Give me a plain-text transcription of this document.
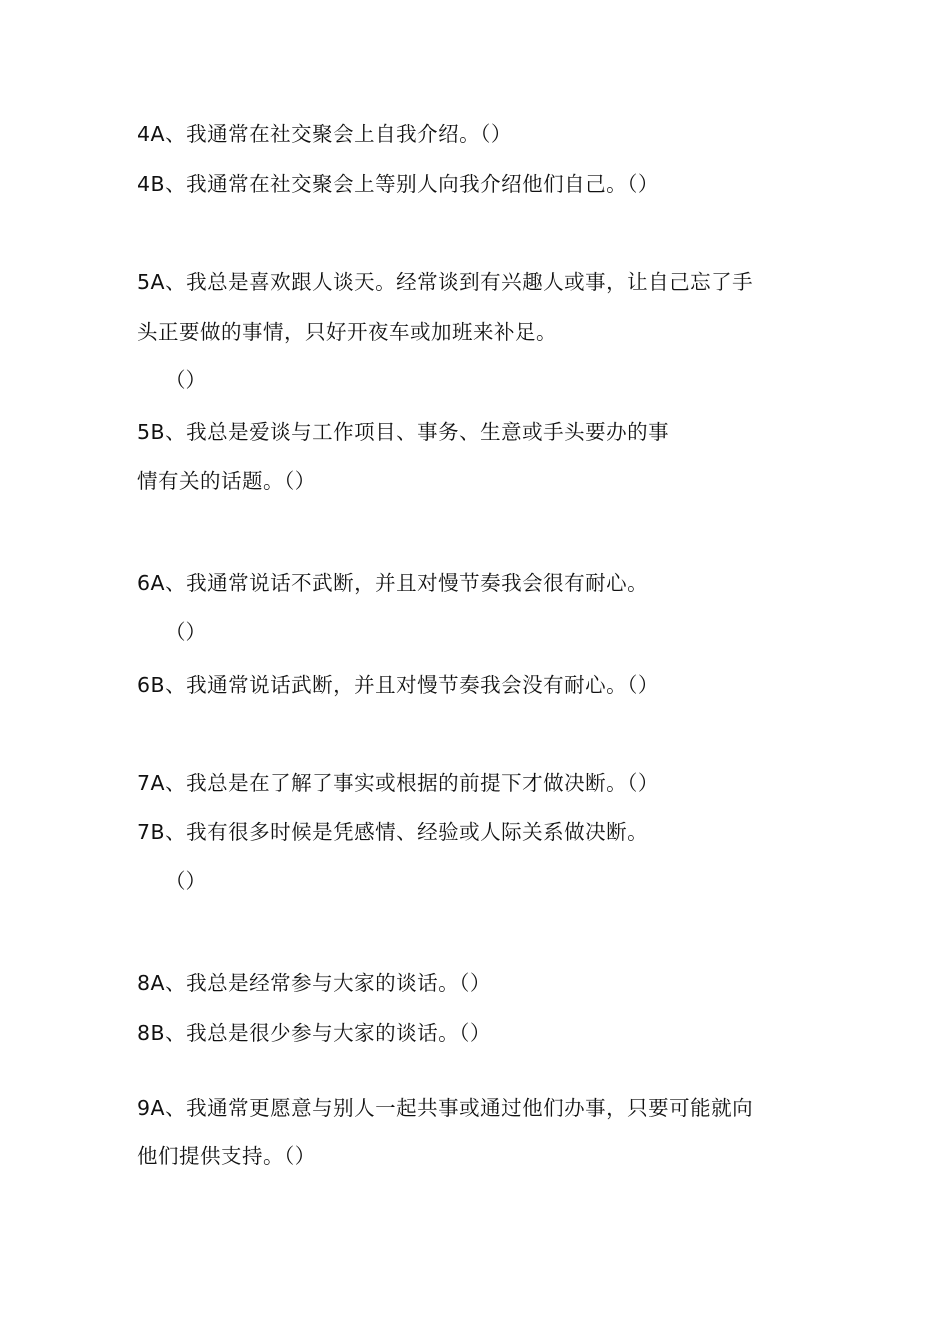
4A、我通常在社交聚会上自我介绍。（）
4B、我通常在社交聚会上等别人向我介绍他们自己。（）
5A、我总是喜欢跟人谈天。经常谈到有兴趣人或事，让自己忘了手
头正要做的事情，只好开夜车或加班来补足。
（）
5B、我总是爱谈与工作项目、事务、生意或手头要办的事
情有关的话题。（）
6A、我通常说话不武断，并且对慢节奏我会很有耐心。
（）
6B、我通常说话武断，并且对慢节奏我会没有耐心。（）
7A、我总是在了解了事实或根据的前提下才做决断。（）
7B、我有很多时候是凭感情、经验或人际关系做决断。
（）
8A、我总是经常参与大家的谈话。（）
8B、我总是很少参与大家的谈话。（）
9A、我通常更愿意与别人一起共事或通过他们办事，只要可能就向
他们提供支持。（）
